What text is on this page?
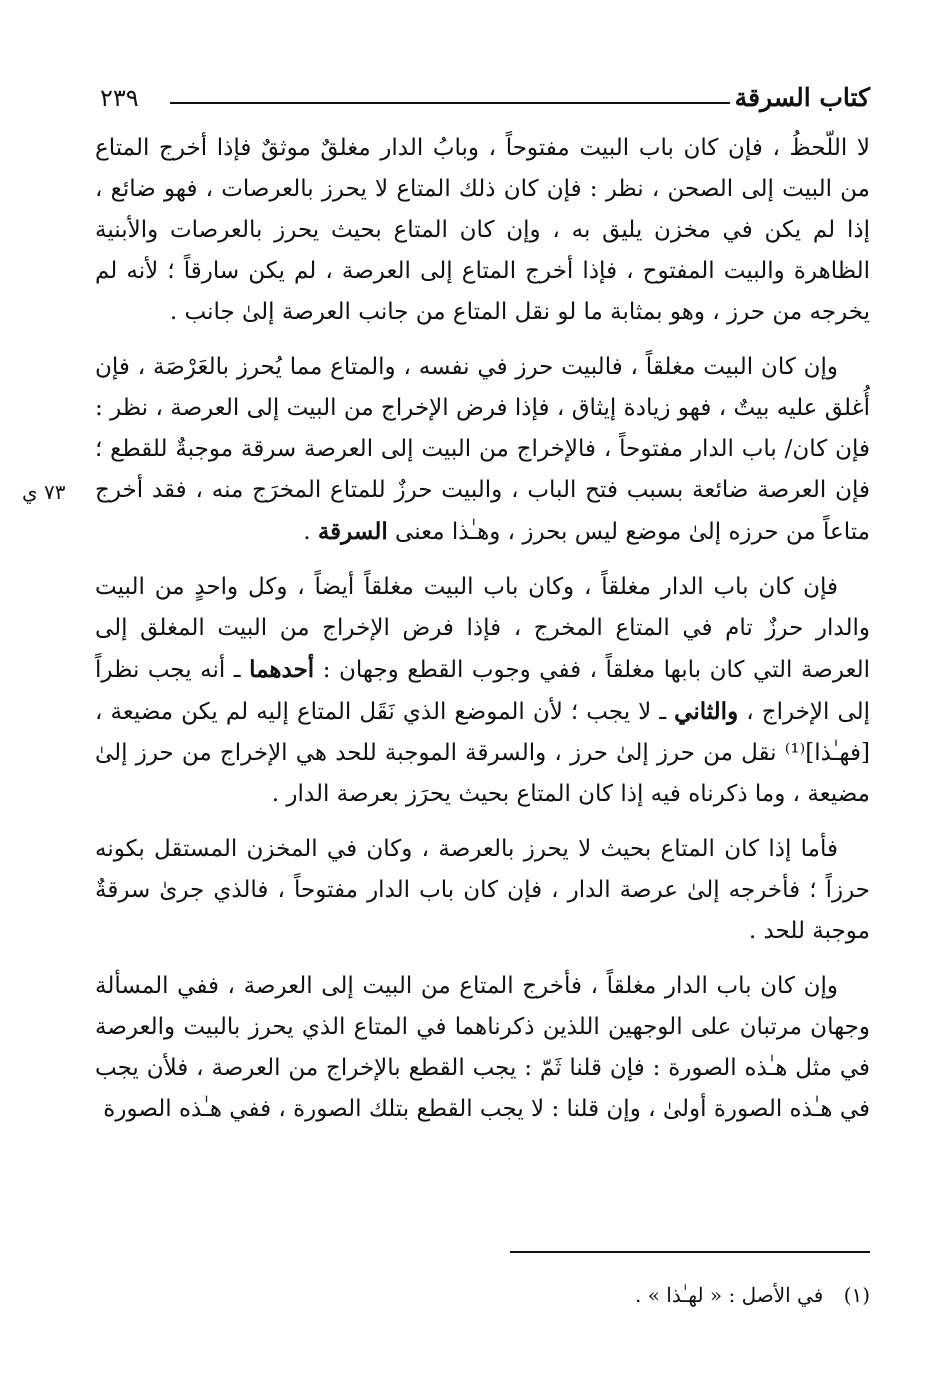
كتاب السرقة
٢٣٩
٧٣ ي

لا اللّحظُ ، فإن كان باب البيت مفتوحاً ، وبابُ الدار مغلقٌ موثقٌ فإذا أخرج المتاع من البيت إلى الصحن ، نظر : فإن كان ذلك المتاع لا يحرز بالعرصات ، فهو ضائع ، إذا لم يكن في مخزن يليق به ، وإن كان المتاع بحيث يحرز بالعرصات والأبنية الظاهرة والبيت المفتوح ، فإذا أخرج المتاع إلى العرصة ، لم يكن سارقاً ؛ لأنه لم يخرجه من حرز ، وهو بمثابة ما لو نقل المتاع من جانب العرصة إلىٰ جانب .

وإن كان البيت مغلقاً ، فالبيت حرز في نفسه ، والمتاع مما يُحرز بالعَرْصَة ، فإن أُغلق عليه بيتٌ ، فهو زيادة إيثاق ، فإذا فرض الإخراج من البيت إلى العرصة ، نظر : فإن كان/ باب الدار مفتوحاً ، فالإخراج من البيت إلى العرصة سرقة موجبةٌ للقطع ؛ فإن العرصة ضائعة بسبب فتح الباب ، والبيت حرزٌ للمتاع المخرَج منه ، فقد أخرج متاعاً من حرزه إلىٰ موضع ليس بحرز ، وهـٰذا معنى السرقة .

فإن كان باب الدار مغلقاً ، وكان باب البيت مغلقاً أيضاً ، وكل واحدٍ من البيت والدار حرزٌ تام في المتاع المخرج ، فإذا فرض الإخراج من البيت المغلق إلى العرصة التي كان بابها مغلقاً ، ففي وجوب القطع وجهان : أحدهما ـ أنه يجب نظراً إلى الإخراج ، والثاني ـ لا يجب ؛ لأن الموضع الذي نَقَل المتاع إليه لم يكن مضيعة ، [فهـٰذا]⁽¹⁾ نقل من حرز إلىٰ حرز ، والسرقة الموجبة للحد هي الإخراج من حرز إلىٰ مضيعة ، وما ذكرناه فيه إذا كان المتاع بحيث يحرَز بعرصة الدار .

فأما إذا كان المتاع بحيث لا يحرز بالعرصة ، وكان في المخزن المستقل بكونه حرزاً ؛ فأخرجه إلىٰ عرصة الدار ، فإن كان باب الدار مفتوحاً ، فالذي جرىٰ سرقةٌ موجبة للحد .

وإن كان باب الدار مغلقاً ، فأخرج المتاع من البيت إلى العرصة ، ففي المسألة وجهان مرتبان على الوجهين اللذين ذكرناهما في المتاع الذي يحرز بالبيت والعرصة في مثل هـٰذه الصورة : فإن قلنا ثَمّ : يجب القطع بالإخراج من العرصة ، فلأن يجب في هـٰذه الصورة أولىٰ ، وإن قلنا : لا يجب القطع بتلك الصورة ، ففي هـٰذه الصورة

(١) في الأصل : « لهـٰذا » .
